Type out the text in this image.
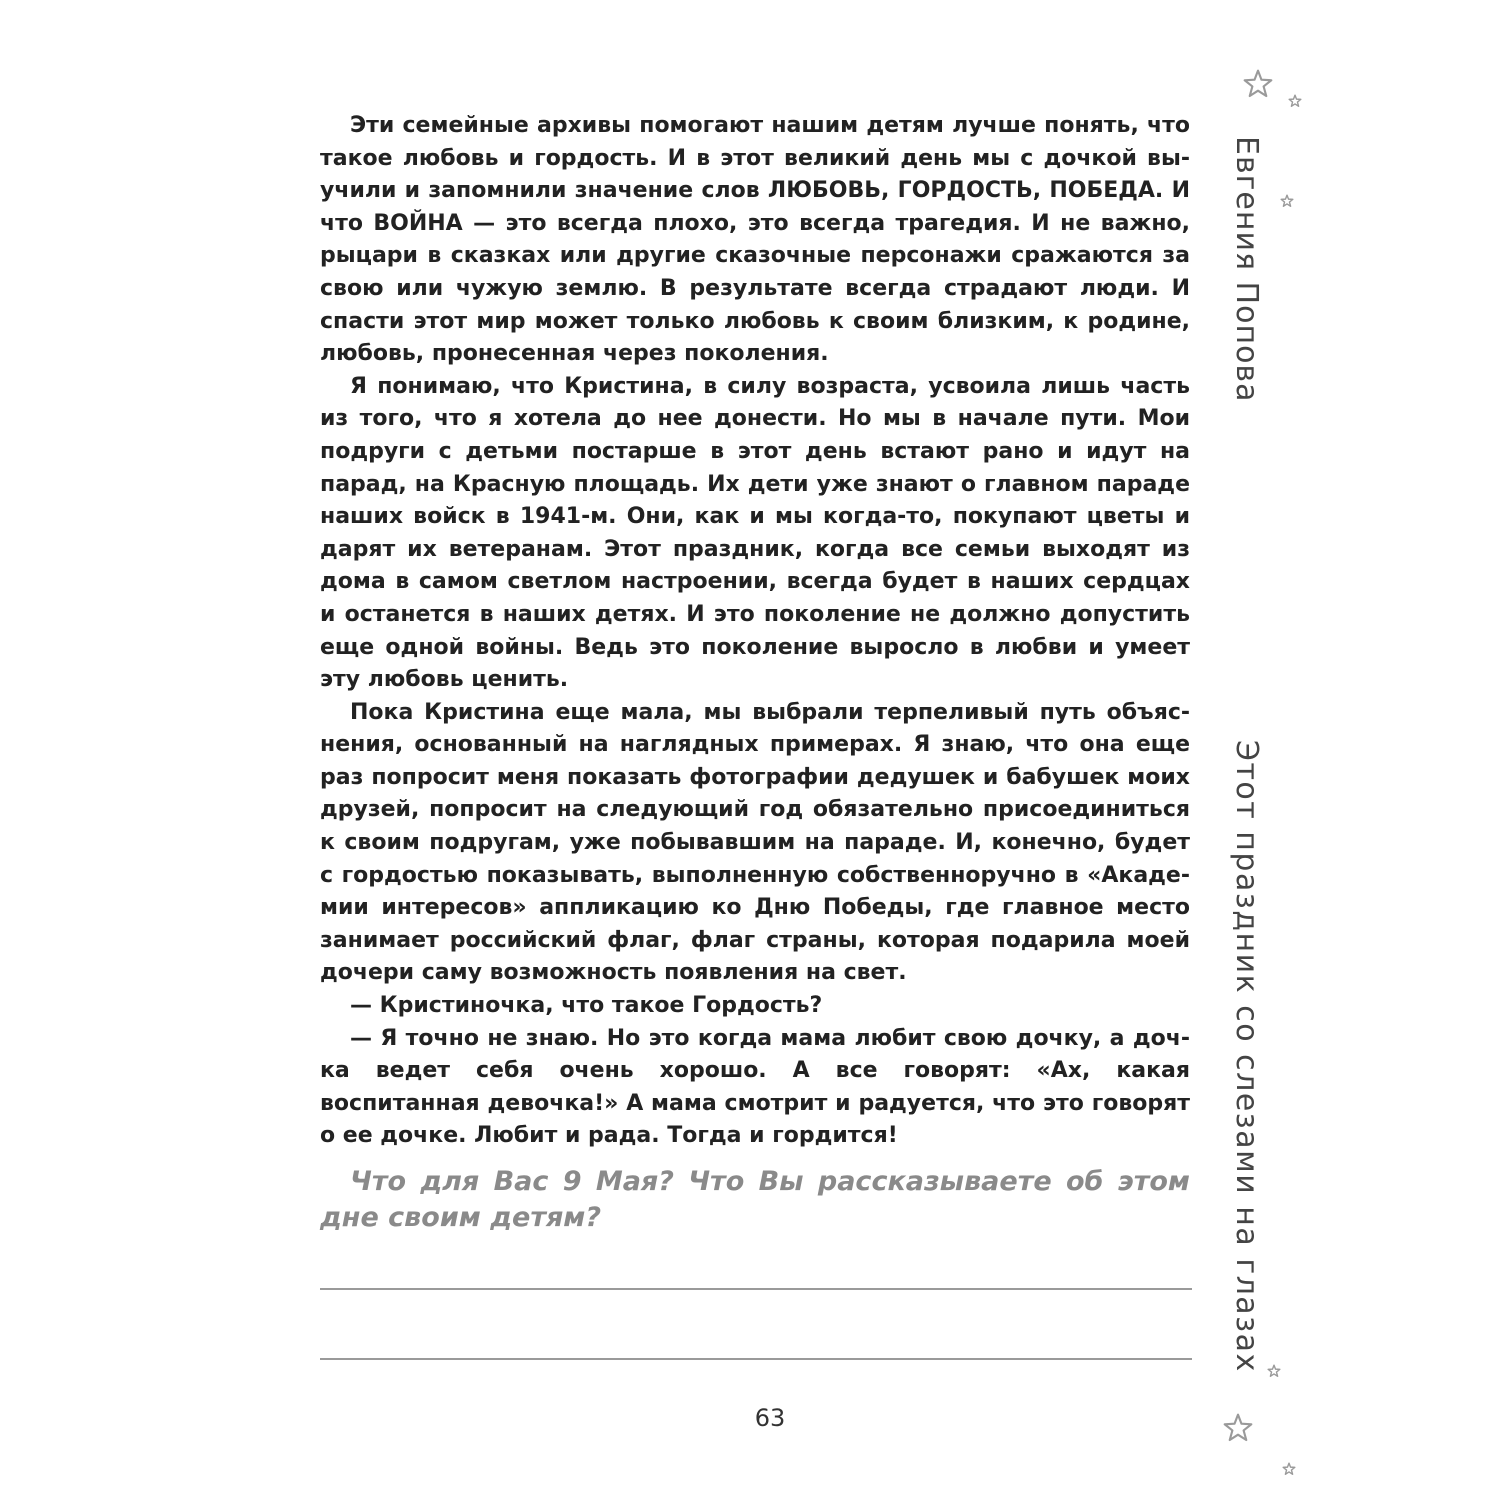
Эти семейные архивы помогают нашим детям лучше понять, что такое любовь и гордость. И в этот великий день мы с дочкой выучили и запомнили значение слов ЛЮБОВЬ, ГОРДОСТЬ, ПОБЕДА. И что ВОЙНА — это всегда плохо, это всегда трагедия. И не важно, рыцари в сказках или другие сказочные персонажи сражаются за свою или чужую землю. В результате всегда страдают люди. И спасти этот мир может только любовь к своим близким, к родине, любовь, пронесенная через поколения.

Я понимаю, что Кристина, в силу возраста, усвоила лишь часть из того, что я хотела до нее донести. Но мы в начале пути. Мои подруги с детьми постарше в этот день встают рано и идут на парад, на Красную площадь. Их дети уже знают о главном параде наших войск в 1941-м. Они, как и мы когда-то, покупают цветы и дарят их ветеранам. Этот праздник, когда все семьи выходят из дома в самом светлом настроении, всегда будет в наших сердцах и останется в наших детях. И это поколение не должно допустить еще одной войны. Ведь это поколение выросло в любви и умеет эту любовь ценить.

Пока Кристина еще мала, мы выбрали терпеливый путь объяснения, основанный на наглядных примерах. Я знаю, что она еще раз попросит меня показать фотографии дедушек и бабушек моих друзей, попросит на следующий год обязательно присоединиться к своим подругам, уже побывавшим на параде. И, конечно, будет с гордостью показывать, выполненную собственноручно в «Академии интересов» аппликацию ко Дню Победы, где главное место занимает российский флаг, флаг страны, которая подарила моей дочери саму возможность появления на свет.

— Кристиночка, что такое Гордость?

— Я точно не знаю. Но это когда мама любит свою дочку, а дочка ведет себя очень хорошо. А все говорят: «Ах, какая воспитанная девочка!» А мама смотрит и радуется, что это говорят о ее дочке. Любит и рада. Тогда и гордится!

Что для Вас 9 Мая? Что Вы рассказываете об этом дне своим детям?

63

Евгения Попова

Этот праздник со слезами на глазах
